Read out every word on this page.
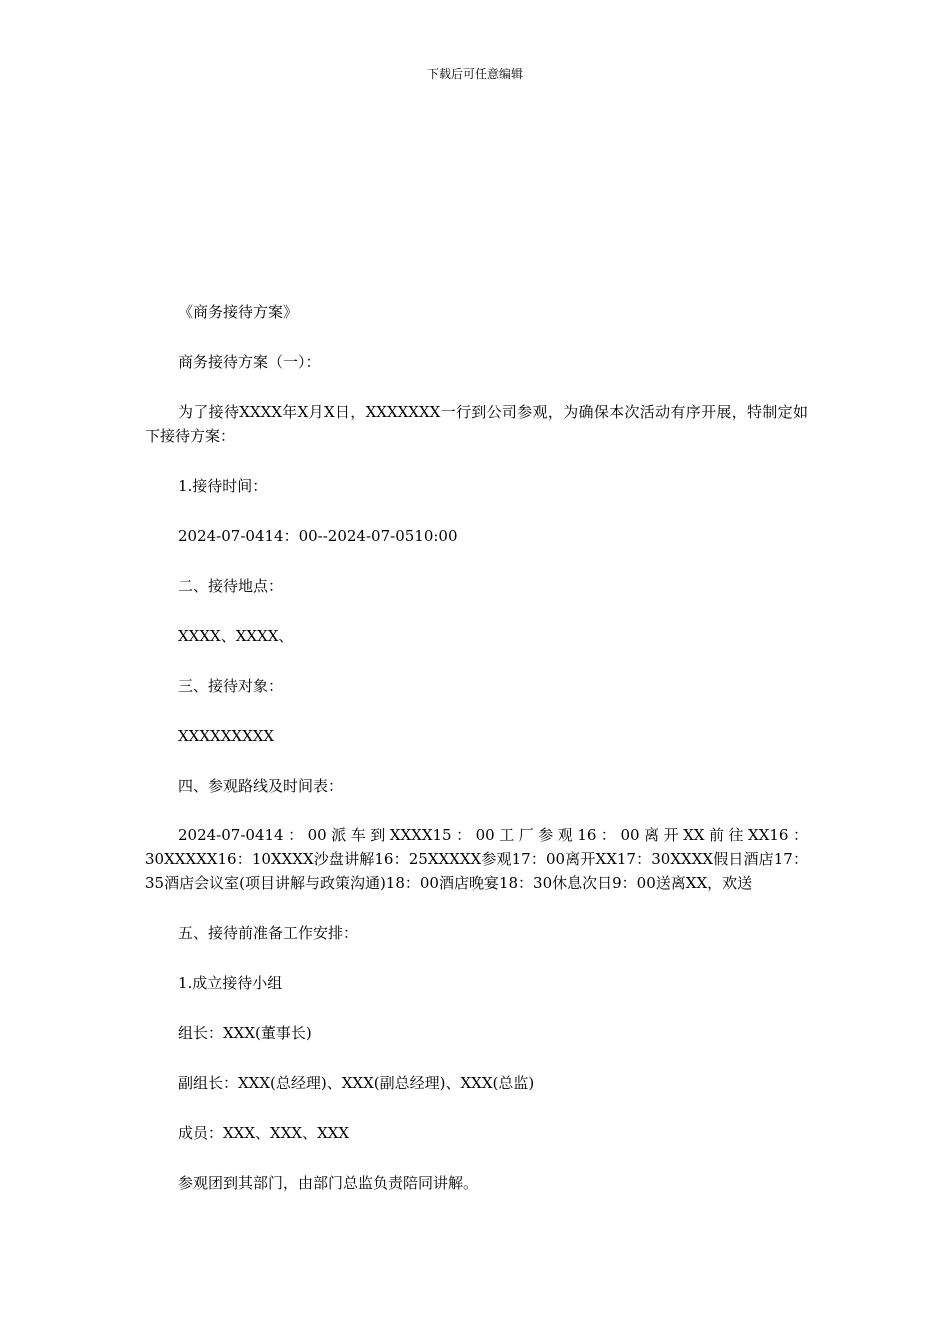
下载后可任意编辑

《商务接待方案》

商务接待方案（一）：

为了接待XXXX年X月X日，XXXXXXX一行到公司参观，为确保本次活动有序开展，特制定如下接待方案：

1.接待时间：

2024-07-0414：00--2024-07-0510:00

二、接待地点：

XXXX、XXXX、

三、接待对象：

XXXXXXXXX

四、参观路线及时间表：

2024-07-0414：00派车到XXXX15：00工厂参观16：00离开XX前往XX16：30XXXXX16：10XXXX沙盘讲解16：25XXXXX参观17：00离开XX17：30XXXX假日酒店17：35酒店会议室(项目讲解与政策沟通)18：00酒店晚宴18：30休息次日9：00送离XX，欢送

五、接待前准备工作安排：

1.成立接待小组

组长：XXX(董事长)

副组长：XXX(总经理)、XXX(副总经理)、XXX(总监)

成员：XXX、XXX、XXX

参观团到其部门，由部门总监负责陪同讲解。
